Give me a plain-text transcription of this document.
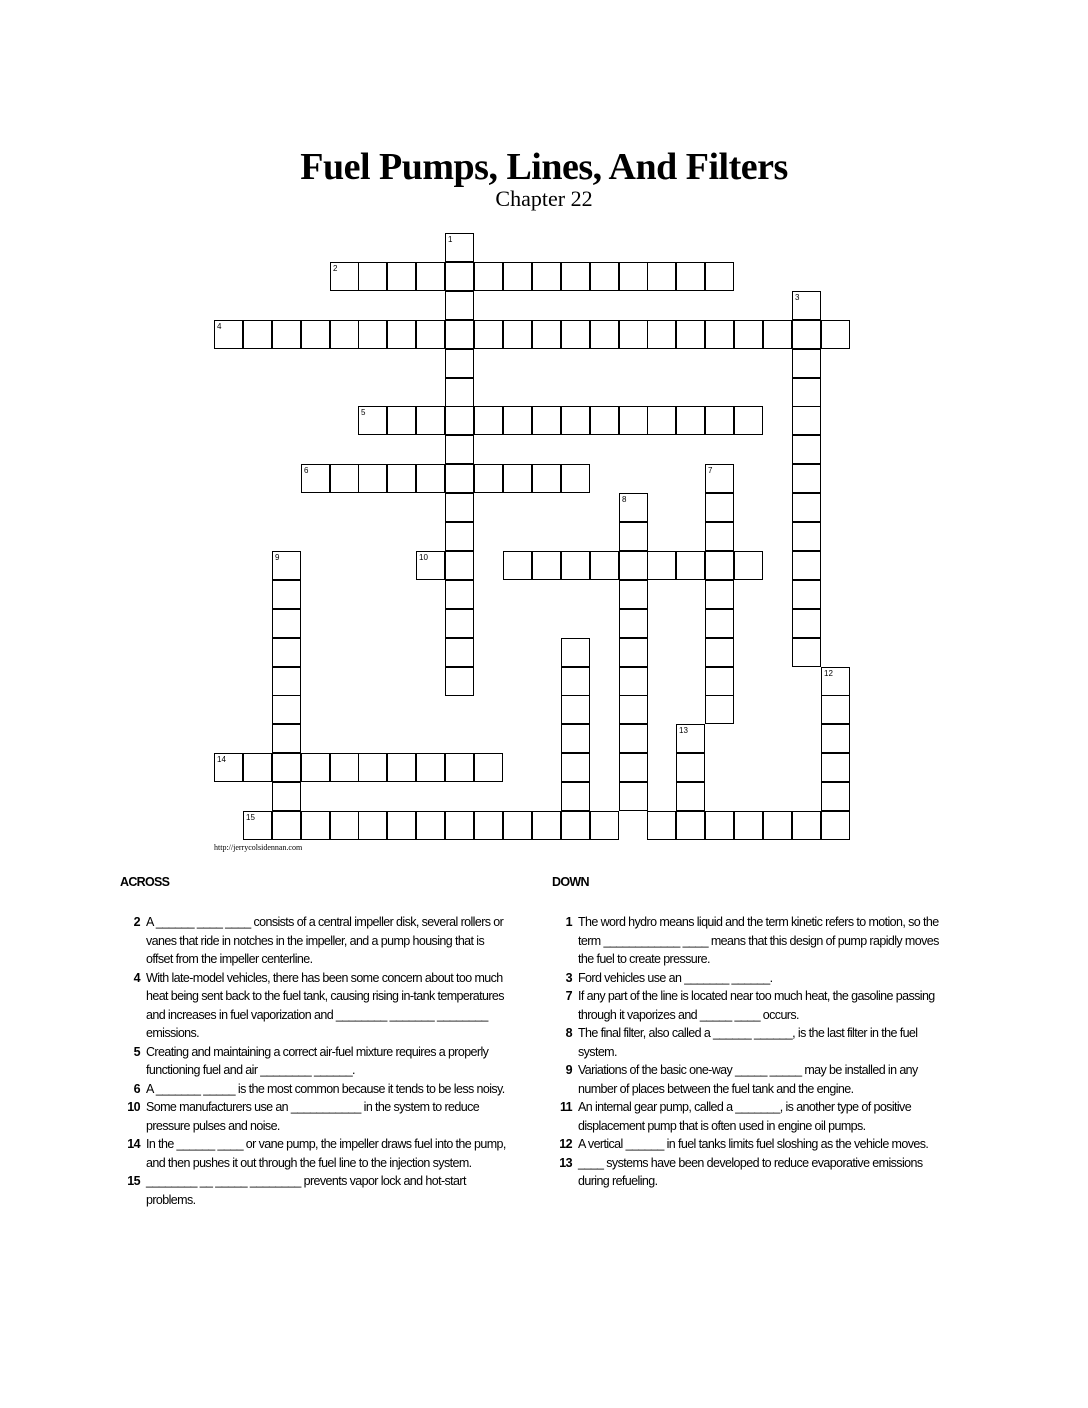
Fuel Pumps, Lines, And Filters
Chapter 22
1
2
3
4
5
6	7
8
10
9
12
13
14
15
http://jerrycolsidennan.com
ACROSS
2 A ______ ____ ____ consists of a central impeller disk, several rollers or vanes that ride in notches in the impeller, and a pump housing that is offset from the impeller centerline.
4 With late-model vehicles, there has been some concern about too much heat being sent back to the fuel tank, causing rising in-tank temperatures and increases in fuel vaporization and ________ _______ ________ emissions.
5 Creating and maintaining a correct air-fuel mixture requires a properly functioning fuel and air ________ ______.
6 A _______ _____ is the most common because it tends to be less noisy.
10 Some manufacturers use an ___________ in the system to reduce pressure pulses and noise.
14 In the ______ ____ or vane pump, the impeller draws fuel into the pump, and then pushes it out through the fuel line to the injection system.
15 ________ __ _____ ________ prevents vapor lock and hot-start problems.
DOWN
1 The word hydro means liquid and the term kinetic refers to motion, so the term ____________ ____ means that this design of pump rapidly moves the fuel to create pressure.
3 Ford vehicles use an _______ ______.
7 If any part of the line is located near too much heat, the gasoline passing through it vaporizes and _____ ____ occurs.
8 The final filter, also called a ______ ______, is the last filter in the fuel system.
9 Variations of the basic one-way _____ _____ may be installed in any number of places between the fuel tank and the engine.
11 An internal gear pump, called a _______, is another type of positive displacement pump that is often used in engine oil pumps.
12 A vertical ______ in fuel tanks limits fuel sloshing as the vehicle moves.
13 ____ systems have been developed to reduce evaporative emissions during refueling.
